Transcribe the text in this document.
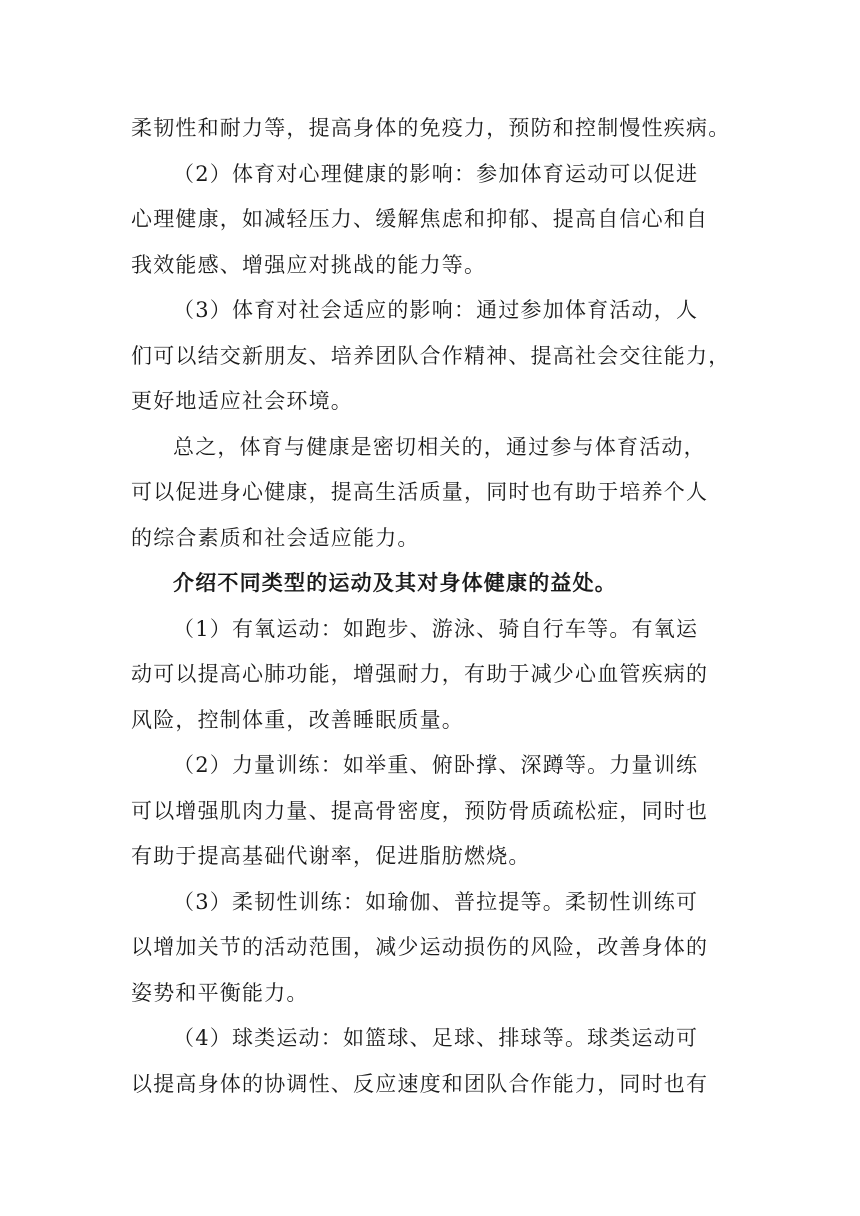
柔韧性和耐力等，提高身体的免疫力，预防和控制慢性疾病。

（2）体育对心理健康的影响：参加体育运动可以促进
心理健康，如减轻压力、缓解焦虑和抑郁、提高自信心和自
我效能感、增强应对挑战的能力等。

（3）体育对社会适应的影响：通过参加体育活动，人
们可以结交新朋友、培养团队合作精神、提高社会交往能力，
更好地适应社会环境。

总之，体育与健康是密切相关的，通过参与体育活动，
可以促进身心健康，提高生活质量，同时也有助于培养个人
的综合素质和社会适应能力。

介绍不同类型的运动及其对身体健康的益处。

（1）有氧运动：如跑步、游泳、骑自行车等。有氧运
动可以提高心肺功能，增强耐力，有助于减少心血管疾病的
风险，控制体重，改善睡眠质量。

（2）力量训练：如举重、俯卧撑、深蹲等。力量训练
可以增强肌肉力量、提高骨密度，预防骨质疏松症，同时也
有助于提高基础代谢率，促进脂肪燃烧。

（3）柔韧性训练：如瑜伽、普拉提等。柔韧性训练可
以增加关节的活动范围，减少运动损伤的风险，改善身体的
姿势和平衡能力。

（4）球类运动：如篮球、足球、排球等。球类运动可
以提高身体的协调性、反应速度和团队合作能力，同时也有
